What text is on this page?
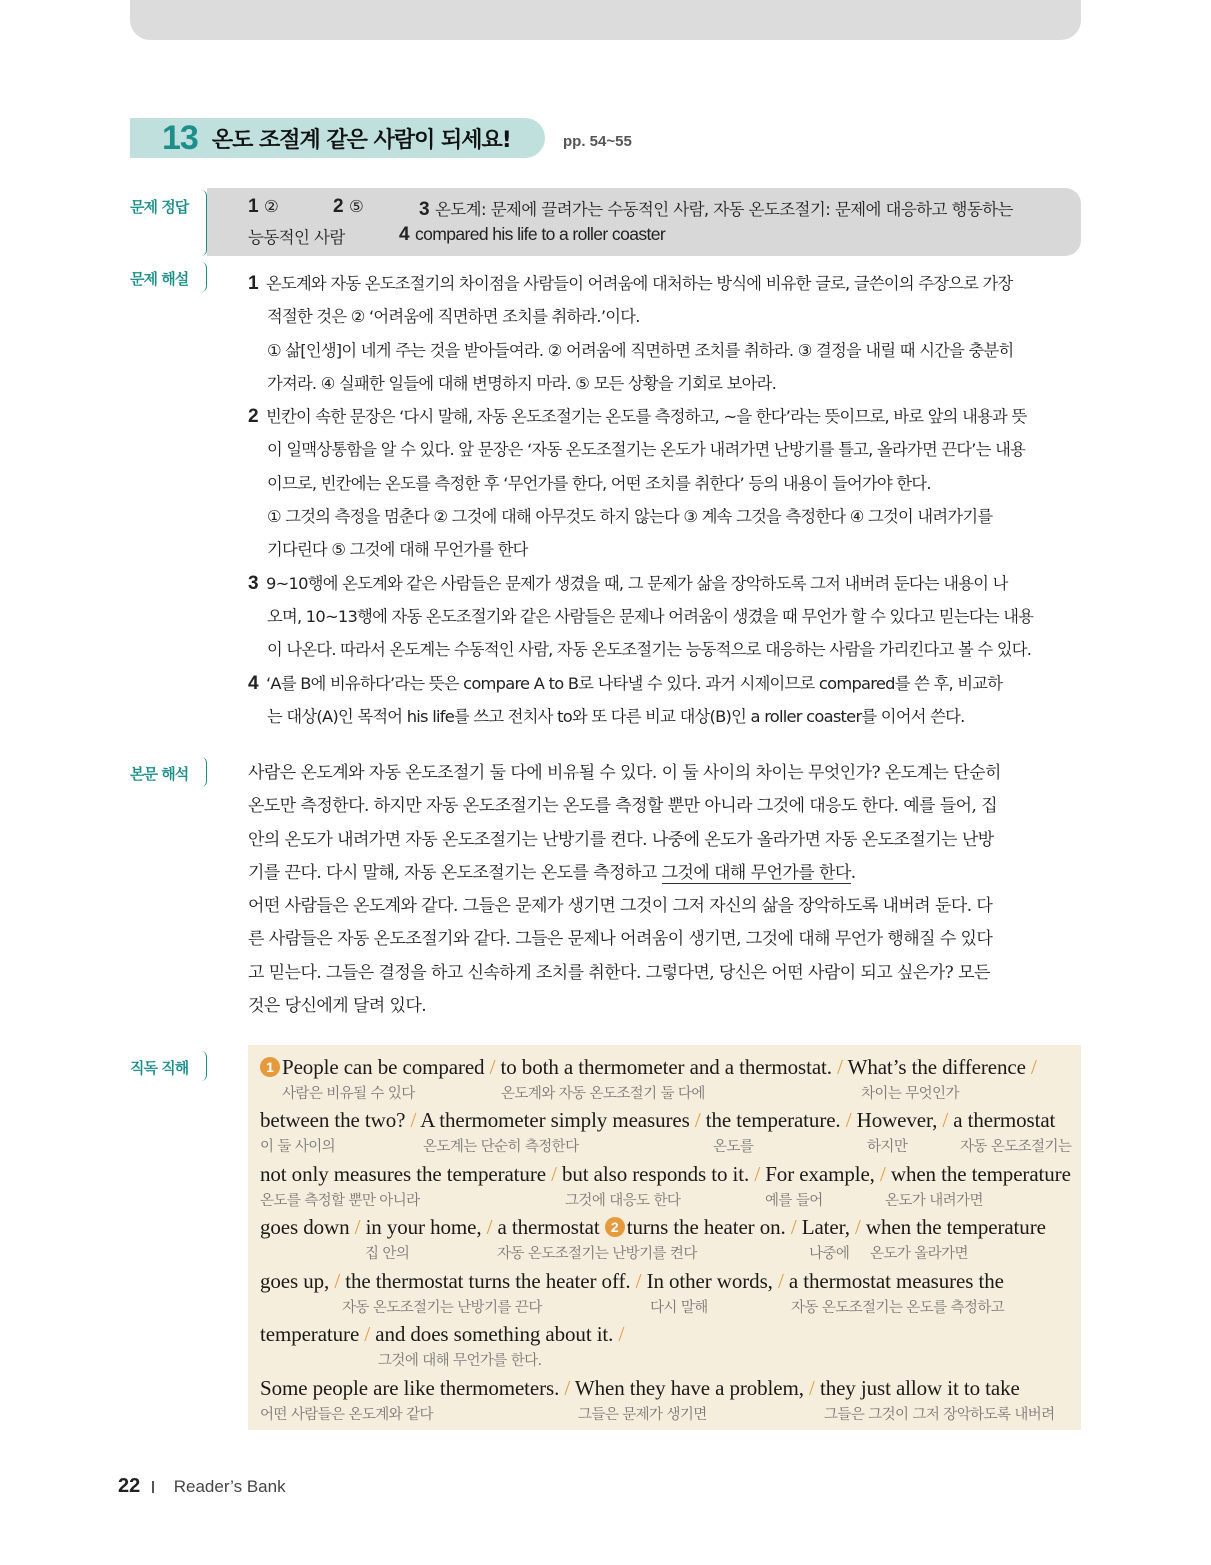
13 온도 조절계 같은 사람이 되세요!	pp. 54~55
문제 정답	1 ②	2 ⑤	3 온도계: 문제에 끌려가는 수동적인 사람, 자동 온도조절기: 문제에 대응하고 행동하는
능동적인 사람	4 compared his life to a roller coaster
문제 해설	1 온도계와 자동 온도조절기의 차이점을 사람들이 어려움에 대처하는 방식에 비유한 글로, 글쓴이의 주장으로 가장
적절한 것은 ② ‘어려움에 직면하면 조치를 취하라.’이다.
① 삶[인생]이 네게 주는 것을 받아들여라. ② 어려움에 직면하면 조치를 취하라. ③ 결정을 내릴 때 시간을 충분히
가져라. ④ 실패한 일들에 대해 변명하지 마라. ⑤ 모든 상황을 기회로 보아라.
2 빈칸이 속한 문장은 ‘다시 말해, 자동 온도조절기는 온도를 측정하고, ~을 한다’라는 뜻이므로, 바로 앞의 내용과 뜻
이 일맥상통함을 알 수 있다. 앞 문장은 ‘자동 온도조절기는 온도가 내려가면 난방기를 틀고, 올라가면 끈다’는 내용
이므로, 빈칸에는 온도를 측정한 후 ‘무언가를 한다, 어떤 조치를 취한다’ 등의 내용이 들어가야 한다.
① 그것의 측정을 멈춘다 ② 그것에 대해 아무것도 하지 않는다 ③ 계속 그것을 측정한다 ④ 그것이 내려가기를
기다린다 ⑤ 그것에 대해 무언가를 한다
3 9~10행에 온도계와 같은 사람들은 문제가 생겼을 때, 그 문제가 삶을 장악하도록 그저 내버려 둔다는 내용이 나
오며, 10~13행에 자동 온도조절기와 같은 사람들은 문제나 어려움이 생겼을 때 무언가 할 수 있다고 믿는다는 내용
이 나온다. 따라서 온도계는 수동적인 사람, 자동 온도조절기는 능동적으로 대응하는 사람을 가리킨다고 볼 수 있다.
4 ‘A를 B에 비유하다’라는 뜻은 compare A to B로 나타낼 수 있다. 과거 시제이므로 compared를 쓴 후, 비교하
는 대상(A)인 목적어 his life를 쓰고 전치사 to와 또 다른 비교 대상(B)인 a roller coaster를 이어서 쓴다.
본문 해석	사람은 온도계와 자동 온도조절기 둘 다에 비유될 수 있다. 이 둘 사이의 차이는 무엇인가? 온도계는 단순히
온도만 측정한다. 하지만 자동 온도조절기는 온도를 측정할 뿐만 아니라 그것에 대응도 한다. 예를 들어, 집
안의 온도가 내려가면 자동 온도조절기는 난방기를 켠다. 나중에 온도가 올라가면 자동 온도조절기는 난방
기를 끈다. 다시 말해, 자동 온도조절기는 온도를 측정하고 그것에 대해 무언가를 한다.
어떤 사람들은 온도계와 같다. 그들은 문제가 생기면 그것이 그저 자신의 삶을 장악하도록 내버려 둔다. 다
른 사람들은 자동 온도조절기와 같다. 그들은 문제나 어려움이 생기면, 그것에 대해 무언가 행해질 수 있다
고 믿는다. 그들은 결정을 하고 신속하게 조치를 취한다. 그렇다면, 당신은 어떤 사람이 되고 싶은가? 모든
것은 당신에게 달려 있다.
직독 직해	1 People can be compared / to both a thermometer and a thermostat. / What’s the difference /
사람은 비유될 수 있다	온도계와 자동 온도조절기 둘 다에	차이는 무엇인가
between the two? / A thermometer simply measures / the temperature. / However, / a thermostat
이 둘 사이의	온도계는 단순히 측정한다	온도를	하지만	자동 온도조절기는
not only measures the temperature / but also responds to it. / For example, / when the temperature
온도를 측정할 뿐만 아니라	그것에 대응도 한다	예를 들어	온도가 내려가면
goes down / in your home, / a thermostat 2 turns the heater on. / Later, / when the temperature
집 안의	자동 온도조절기는 난방기를 켠다	나중에 온도가 올라가면
goes up, / the thermostat turns the heater off. / In other words, / a thermostat measures the
자동 온도조절기는 난방기를 끈다	다시 말해	자동 온도조절기는 온도를 측정하고
temperature / and does something about it. /
그것에 대해 무언가를 한다.
Some people are like thermometers. / When they have a problem, / they just allow it to take
어떤 사람들은 온도계와 같다	그들은 문제가 생기면	그들은 그것이 그저 장악하도록 내버려
22 Reader’s Bank
